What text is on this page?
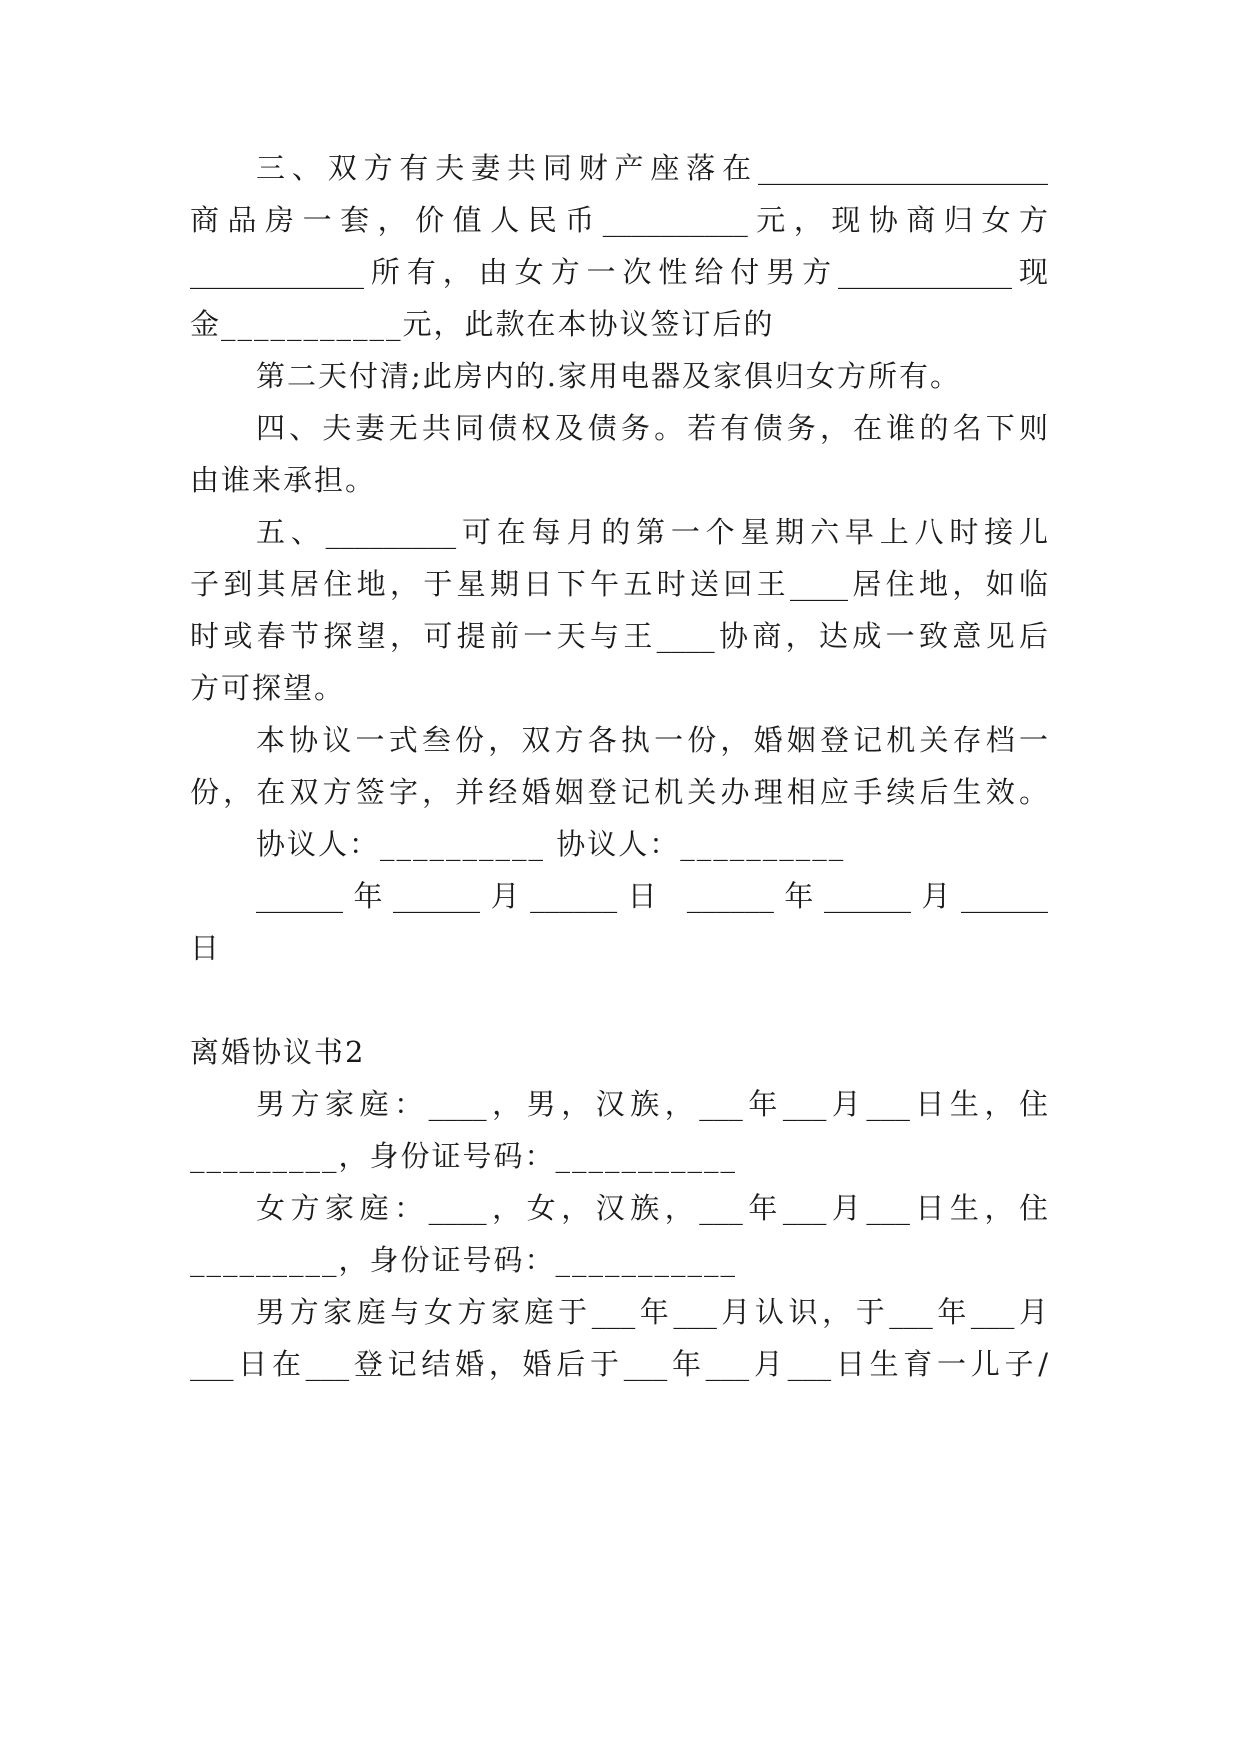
三、双方有夫妻共同财产座落在____________________
商品房一套，价值人民币__________元，现协商归女方
____________所有，由女方一次性给付男方____________现
金___________元，此款在本协议签订后的
第二天付清;此房内的.家用电器及家俱归女方所有。
四、夫妻无共同债权及债务。若有债务，在谁的名下则
由谁来承担。
五、_________可在每月的第一个星期六早上八时接儿
子到其居住地，于星期日下午五时送回王____居住地，如临
时或春节探望，可提前一天与王____协商，达成一致意见后
方可探望。
本协议一式叁份，双方各执一份，婚姻登记机关存档一
份，在双方签字，并经婚姻登记机关办理相应手续后生效。
协议人：__________ 协议人：__________
______年______月______日 ______年______月______
日
离婚协议书2
男方家庭：____，男，汉族，___年___月___日生，住
_________，身份证号码：___________
女方家庭：____，女，汉族，___年___月___日生，住
_________，身份证号码：___________
男方家庭与女方家庭于___年___月认识，于___年___月
___日在___登记结婚，婚后于___年___月___日生育一儿子/
